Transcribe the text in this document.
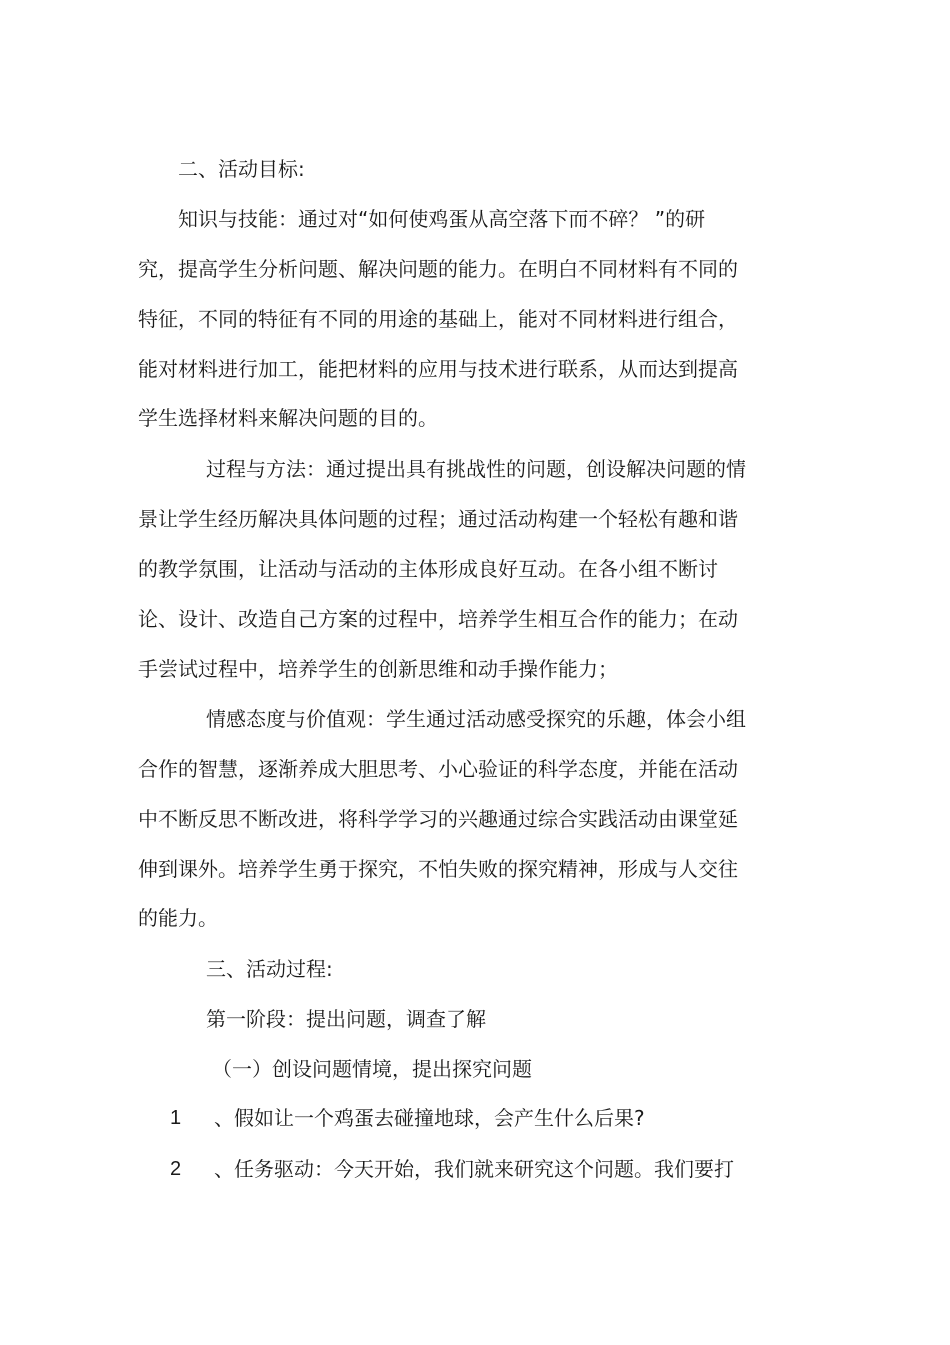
二、活动目标:
知识与技能：通过对“如何使鸡蛋从高空落下而不碎？ ”的研
究，提高学生分析问题、解决问题的能力。在明白不同材料有不同的
特征，不同的特征有不同的用途的基础上，能对不同材料进行组合，
能对材料进行加工，能把材料的应用与技术进行联系，从而达到提高
学生选择材料来解决问题的目的。
过程与方法：通过提出具有挑战性的问题，创设解决问题的情
景让学生经历解决具体问题的过程；通过活动构建一个轻松有趣和谐
的教学氛围，让活动与活动的主体形成良好互动。在各小组不断讨
论、设计、改造自己方案的过程中，培养学生相互合作的能力；在动
手尝试过程中，培养学生的创新思维和动手操作能力；
情感态度与价值观：学生通过活动感受探究的乐趣，体会小组
合作的智慧，逐渐养成大胆思考、小心验证的科学态度，并能在活动
中不断反思不断改进，将科学学习的兴趣通过综合实践活动由课堂延
伸到课外。培养学生勇于探究，不怕失败的探究精神，形成与人交往
的能力。
三、活动过程:
第一阶段：提出问题，调查了解
（一）创设问题情境，提出探究问题
1 、假如让一个鸡蛋去碰撞地球，会产生什么后果?
2 、任务驱动：今天开始，我们就来研究这个问题。我们要打
